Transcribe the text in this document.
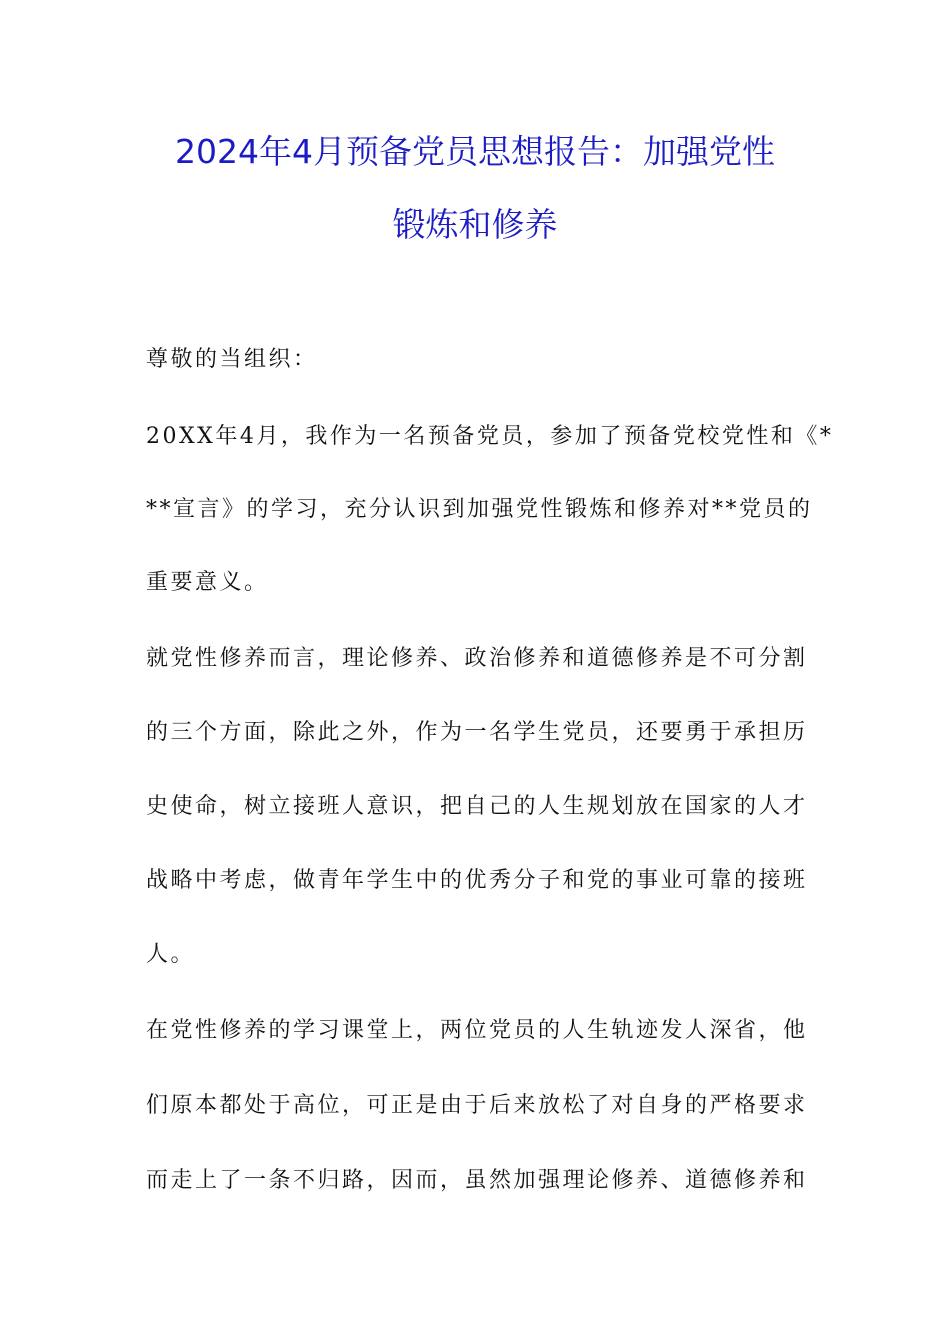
2024年4月预备党员思想报告：加强党性
锻炼和修养
尊敬的当组织：
20XX年4月，我作为一名预备党员，参加了预备党校党性和《*
**宣言》的学习，充分认识到加强党性锻炼和修养对**党员的
重要意义。
就党性修养而言，理论修养、政治修养和道德修养是不可分割
的三个方面，除此之外，作为一名学生党员，还要勇于承担历
史使命，树立接班人意识，把自己的人生规划放在国家的人才
战略中考虑，做青年学生中的优秀分子和党的事业可靠的接班
人。
在党性修养的学习课堂上，两位党员的人生轨迹发人深省，他
们原本都处于高位，可正是由于后来放松了对自身的严格要求
而走上了一条不归路，因而，虽然加强理论修养、道德修养和
